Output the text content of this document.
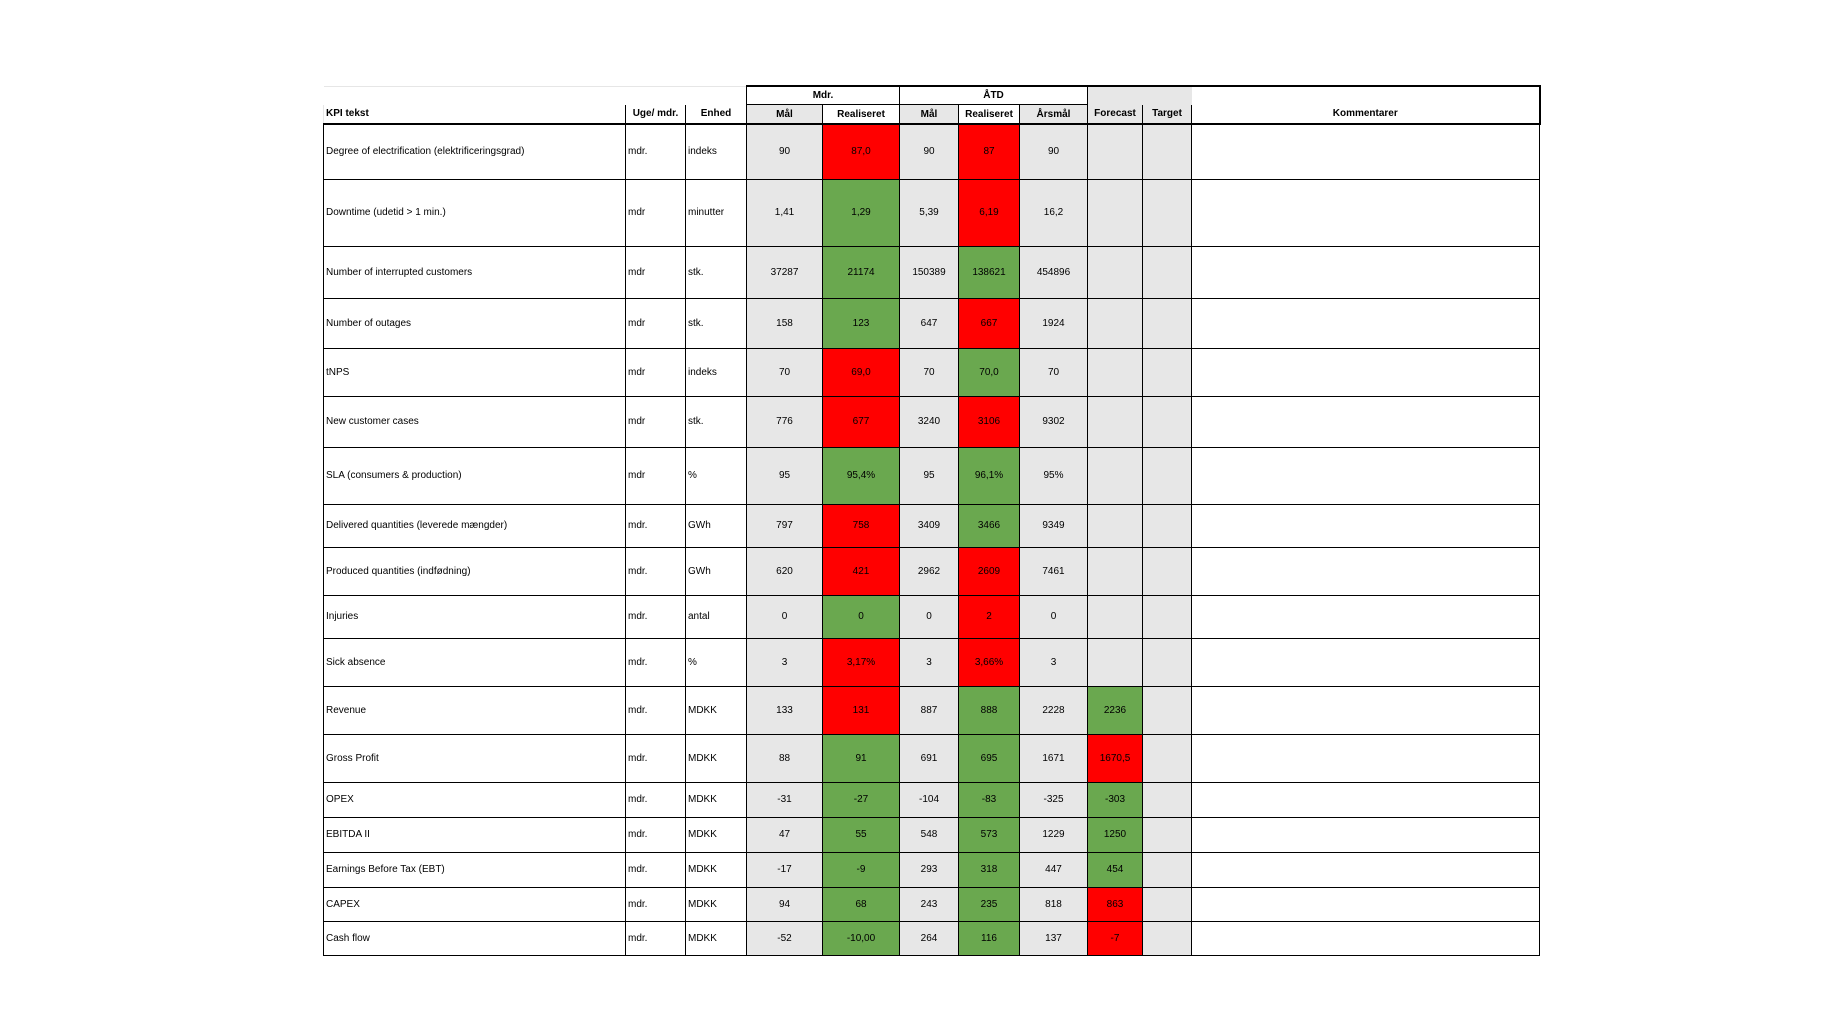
			Mdr.		ÅTD					
KPI tekst	Uge/ mdr.	Enhed	Mål	Realiseret	Mål	Realiseret	Årsmål	Forecast	Target	Kommentarer
Degree of electrification (elektrificeringsgrad)	mdr.	indeks	90	87,0	90	87	90			
Downtime (udetid > 1 min.)	mdr	minutter	1,41	1,29	5,39	6,19	16,2			
Number of interrupted customers	mdr	stk.	37287	21174	150389	138621	454896			
Number of outages	mdr	stk.	158	123	647	667	1924			
tNPS	mdr	indeks	70	69,0	70	70,0	70			
New customer cases	mdr	stk.	776	677	3240	3106	9302			
SLA (consumers & production)	mdr	%	95	95,4%	95	96,1%	95%			
Delivered quantities (leverede mængder)	mdr.	GWh	797	758	3409	3466	9349			
Produced quantities (indfødning)	mdr.	GWh	620	421	2962	2609	7461			
Injuries	mdr.	antal	0	0	0	2	0			
Sick absence	mdr.	%	3	3,17%	3	3,66%	3			
Revenue	mdr.	MDKK	133	131	887	888	2228	2236		
Gross Profit	mdr.	MDKK	88	91	691	695	1671	1670,5		
OPEX	mdr.	MDKK	-31	-27	-104	-83	-325	-303		
EBITDA II	mdr.	MDKK	47	55	548	573	1229	1250		
Earnings Before Tax (EBT)	mdr.	MDKK	-17	-9	293	318	447	454		
CAPEX	mdr.	MDKK	94	68	243	235	818	863		
Cash flow	mdr.	MDKK	-52	-10,00	264	116	137	-7		
